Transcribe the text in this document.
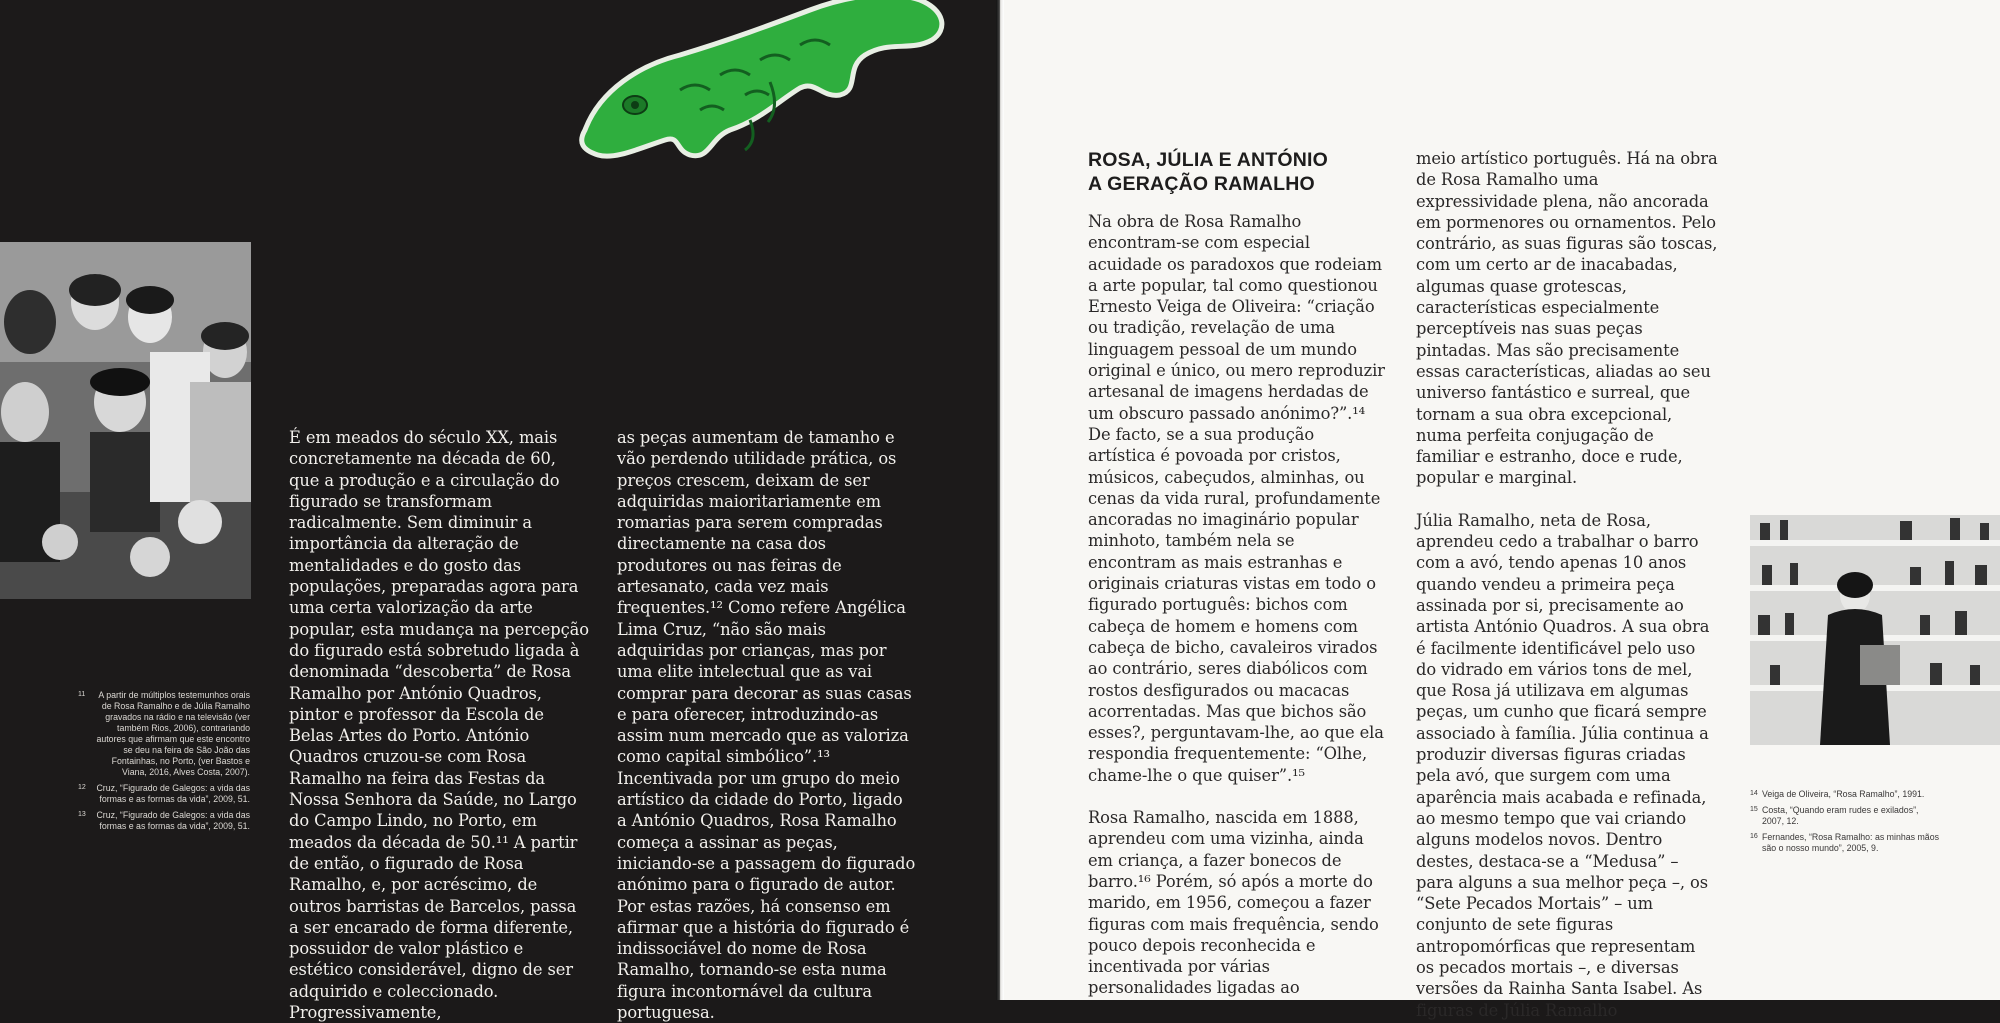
É em meados do século XX, mais concretamente na década de 60, que a produção e a circulação do figurado se transformam radicalmente. Sem diminuir a importância da alteração de mentalidades e do gosto das populações, preparadas agora para uma certa valorização da arte popular, esta mudança na percepção do figurado está sobretudo ligada à denominada “descoberta” de Rosa Ramalho por António Quadros, pintor e professor da Escola de Belas Artes do Porto. António Quadros cruzou-se com Rosa Ramalho na feira das Festas da Nossa Senhora da Saúde, no Largo do Campo Lindo, no Porto, em meados da década de 50.¹¹ A partir de então, o figurado de Rosa Ramalho, e, por acréscimo, de outros barristas de Barcelos, passa a ser encarado de forma diferente, possuidor de valor plástico e estético considerável, digno de ser adquirido e coleccionado. Progressivamente,

as peças aumentam de tamanho e vão perdendo utilidade prática, os preços crescem, deixam de ser adquiridas maioritariamente em romarias para serem compradas directamente na casa dos produtores ou nas feiras de artesanato, cada vez mais frequentes.¹² Como refere Angélica Lima Cruz, “não são mais adquiridas por crianças, mas por uma elite intelectual que as vai comprar para decorar as suas casas e para oferecer, introduzindo-as assim num mercado que as valoriza como capital simbólico”.¹³ Incentivada por um grupo do meio artístico da cidade do Porto, ligado a António Quadros, Rosa Ramalho começa a assinar as peças, iniciando-se a passagem do figurado anónimo para o figurado de autor. Por estas razões, há consenso em afirmar que a história do figurado é indissociável do nome de Rosa Ramalho, tornando-se esta numa figura incontornável da cultura portuguesa.

11	A partir de múltiplos testemunhos orais de Rosa Ramalho e de Júlia Ramalho gravados na rádio e na televisão (ver também Rios, 2006), contrariando autores que afirmam que este encontro se deu na feira de São João das Fontainhas, no Porto, (ver Bastos e Viana, 2016, Alves Costa, 2007).
12	Cruz, “Figurado de Galegos: a vida das formas e as formas da vida”, 2009, 51.
13	Cruz, “Figurado de Galegos: a vida das formas e as formas da vida”, 2009, 51.
ROSA, JÚLIA E ANTÓNIO
A GERAÇÃO RAMALHO

Na obra de Rosa Ramalho encontram-se com especial acuidade os paradoxos que rodeiam a arte popular, tal como questionou Ernesto Veiga de Oliveira: “criação ou tradição, revelação de uma linguagem pessoal de um mundo original e único, ou mero reproduzir artesanal de imagens herdadas de um obscuro passado anónimo?”.¹⁴ De facto, se a sua produção artística é povoada por cristos, músicos, cabeçudos, alminhas, ou cenas da vida rural, profundamente ancoradas no imaginário popular minhoto, também nela se encontram as mais estranhas e originais criaturas vistas em todo o figurado português: bichos com cabeça de homem e homens com cabeça de bicho, cavaleiros virados ao contrário, seres diabólicos com rostos desfigurados ou macacas acorrentadas. Mas que bichos são esses?, perguntavam-lhe, ao que ela respondia frequentemente: “Olhe, chame-lhe o que quiser”.¹⁵

Rosa Ramalho, nascida em 1888, aprendeu com uma vizinha, ainda em criança, a fazer bonecos de barro.¹⁶ Porém, só após a morte do marido, em 1956, começou a fazer figuras com mais frequência, sendo pouco depois reconhecida e incentivada por várias personalidades ligadas ao

meio artístico português. Há na obra de Rosa Ramalho uma expressividade plena, não ancorada em pormenores ou ornamentos. Pelo contrário, as suas figuras são toscas, com um certo ar de inacabadas, algumas quase grotescas, características especialmente perceptíveis nas suas peças pintadas. Mas são precisamente essas características, aliadas ao seu universo fantástico e surreal, que tornam a sua obra excepcional, numa perfeita conjugação de familiar e estranho, doce e rude, popular e marginal.

Júlia Ramalho, neta de Rosa, aprendeu cedo a trabalhar o barro com a avó, tendo apenas 10 anos quando vendeu a primeira peça assinada por si, precisamente ao artista António Quadros. A sua obra é facilmente identificável pelo uso do vidrado em vários tons de mel, que Rosa já utilizava em algumas peças, um cunho que ficará sempre associado à família. Júlia continua a produzir diversas figuras criadas pela avó, que surgem com uma aparência mais acabada e refinada, ao mesmo tempo que vai criando alguns modelos novos. Dentro destes, destaca-se a “Medusa” – para alguns a sua melhor peça –, os “Sete Pecados Mortais” – um conjunto de sete figuras antropomórficas que representam os pecados mortais –, e diversas versões da Rainha Santa Isabel. As figuras de Júlia Ramalho

14 Veiga de Oliveira, “Rosa Ramalho”, 1991.
15 Costa, “Quando eram rudes e exilados”, 2007, 12.
16 Fernandes, “Rosa Ramalho: as minhas mãos são o nosso mundo”, 2005, 9.
